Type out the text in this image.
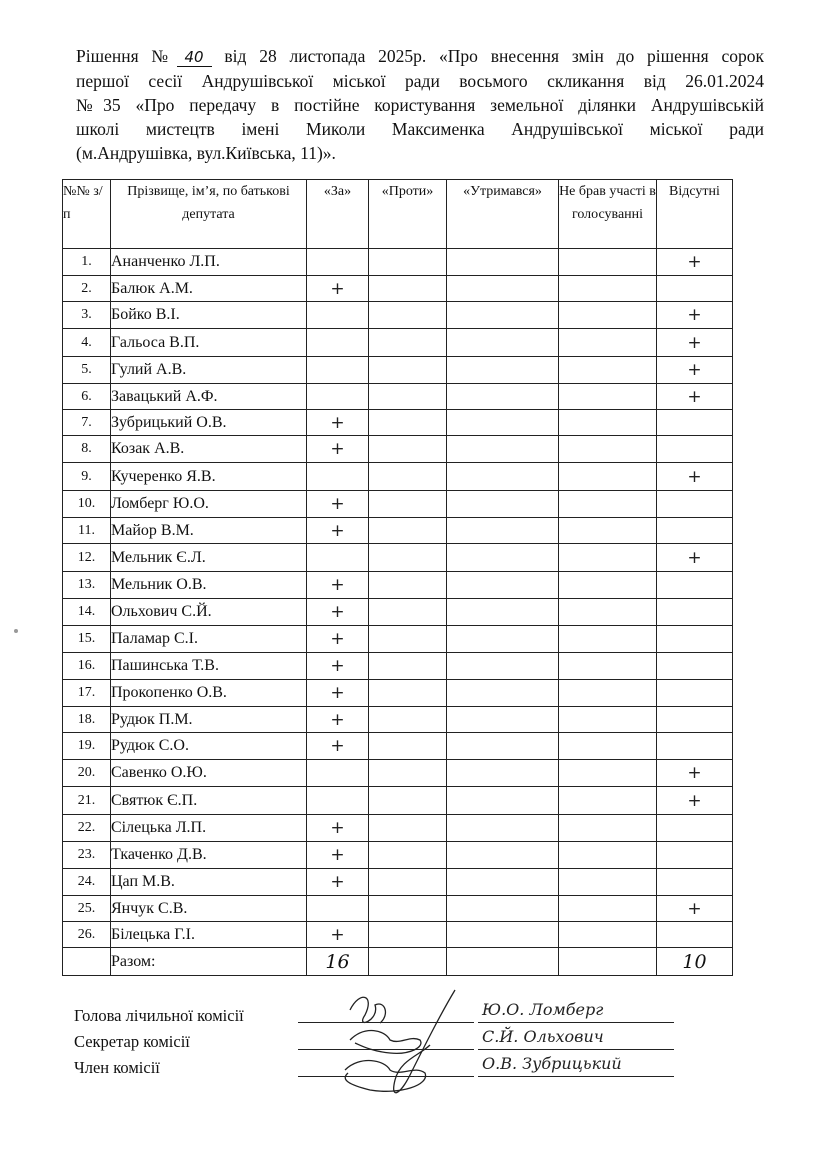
Рішення № 40 від 28 листопада 2025р. «Про внесення змін до рішення сорок
першої сесії Андрушівської міської ради восьмого скликання від 26.01.2024
№35 «Про передачу в постійне користування земельної ділянки Андрушівській
школі мистецтв імені Миколи Максименка Андрушівської міської ради
(м.Андрушівка, вул.Київська, 11)».
№№ з/п	Прізвище, ім’я, по батькові депутата	«За»	«Проти»	«Утримався»	Не брав участі в голосуванні	Відсутні
1.	Ананченко Л.П.					+
2.	Балюк А.М.	+				
3.	Бойко В.І.					+
4.	Гальоса В.П.					+
5.	Гулий А.В.					+
6.	Завацький А.Ф.					+
7.	Зубрицький О.В.	+				
8.	Козак А.В.	+				
9.	Кучеренко Я.В.					+
10.	Ломберг Ю.О.	+				
11.	Майор В.М.	+				
12.	Мельник Є.Л.					+
13.	Мельник О.В.	+				
14.	Ольхович С.Й.	+				
15.	Паламар С.І.	+				
16.	Пашинська Т.В.	+				
17.	Прокопенко О.В.	+				
18.	Рудюк П.М.	+				
19.	Рудюк С.О.	+				
20.	Савенко О.Ю.					+
21.	Святюк Є.П.					+
22.	Сілецька Л.П.	+				
23.	Ткаченко Д.В.	+				
24.	Цап М.В.	+				
25.	Янчук С.В.					+
26.	Білецька Г.І.	+				
	Разом:	16				10
Голова лічильної комісії
Секретар комісії
Член комісії
Ю.О. Ломберг
С.Й. Ольхович
О.В. Зубрицький
